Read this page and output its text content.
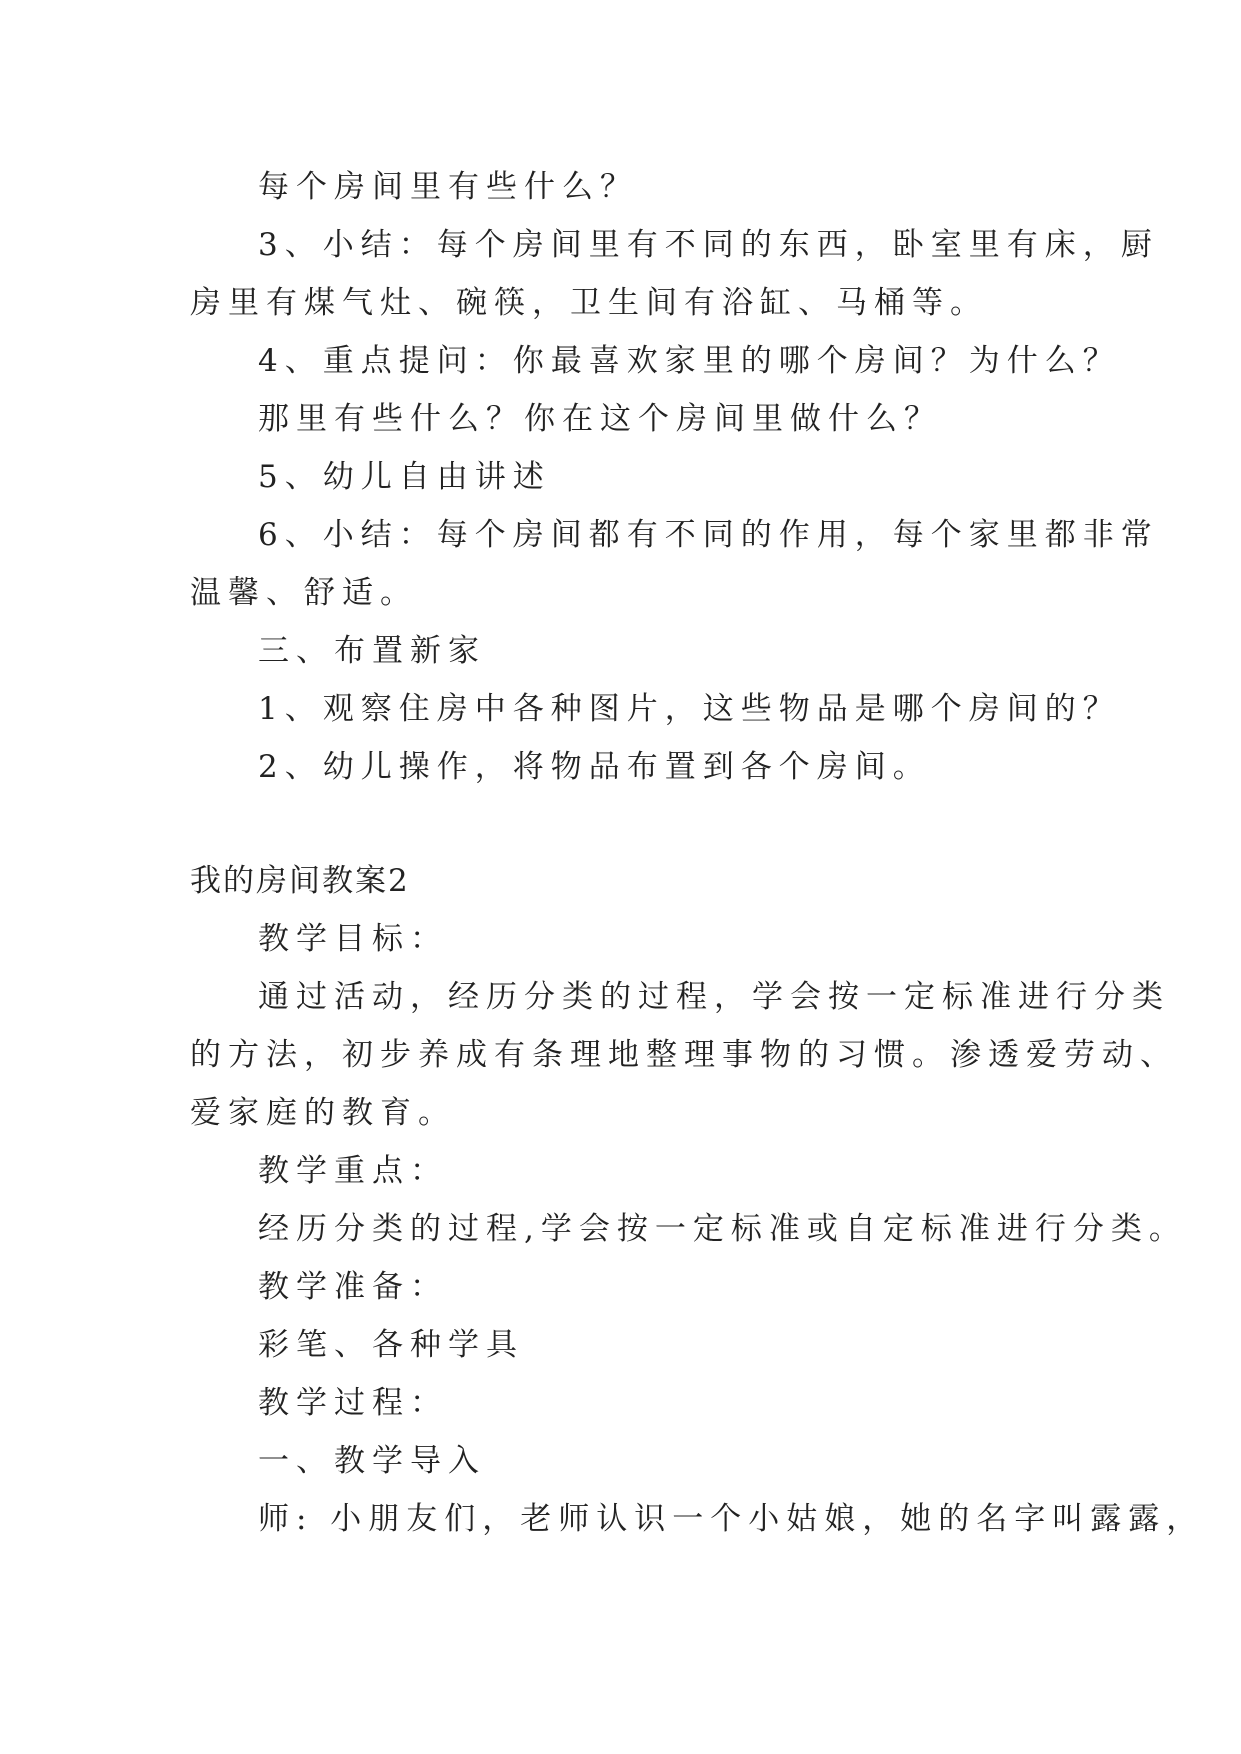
每个房间里有些什么？
3、小结：每个房间里有不同的东西，卧室里有床，厨
房里有煤气灶、碗筷，卫生间有浴缸、马桶等。
4、重点提问：你最喜欢家里的哪个房间？为什么？
那里有些什么？你在这个房间里做什么？
5、幼儿自由讲述
6、小结：每个房间都有不同的作用，每个家里都非常
温馨、舒适。
三、布置新家
1、观察住房中各种图片，这些物品是哪个房间的？
2、幼儿操作，将物品布置到各个房间。
我的房间教案2
教学目标：
通过活动，经历分类的过程，学会按一定标准进行分类
的方法，初步养成有条理地整理事物的习惯。渗透爱劳动、
爱家庭的教育。
教学重点：
经历分类的过程,学会按一定标准或自定标准进行分类。
教学准备：
彩笔、各种学具
教学过程：
一、教学导入
师: 小朋友们，老师认识一个小姑娘，她的名字叫露露，
